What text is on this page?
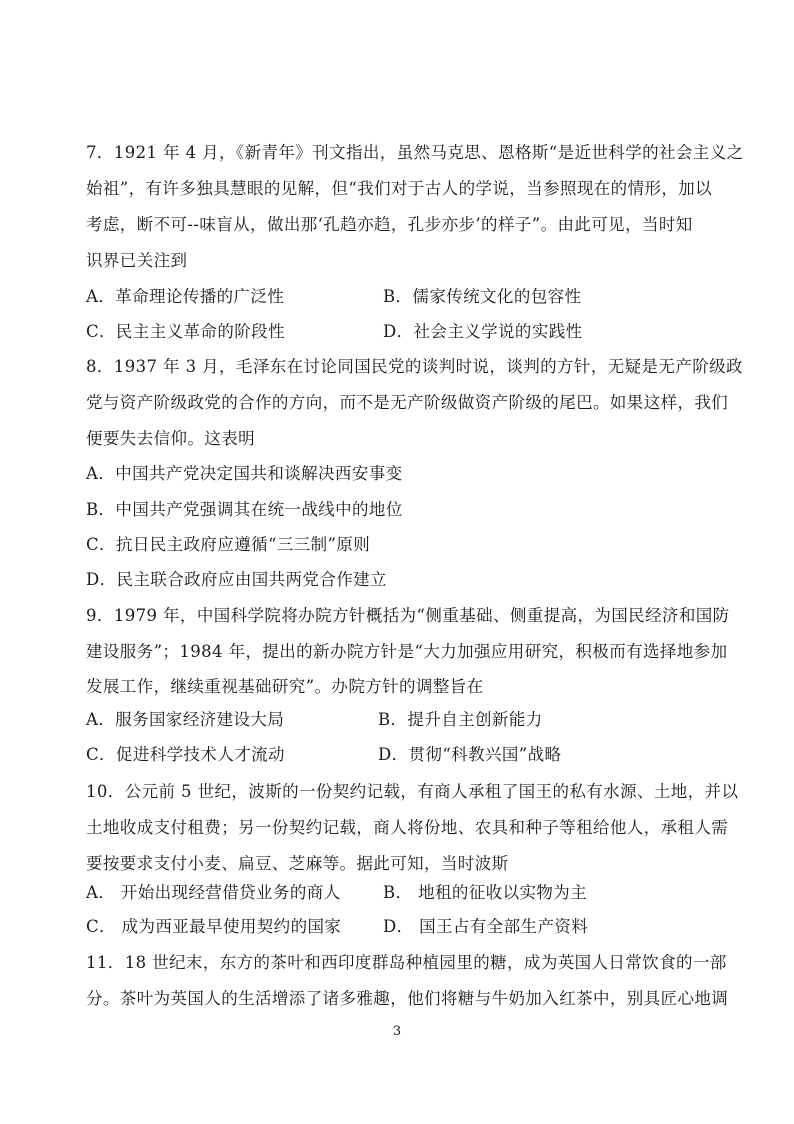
7．1921 年 4 月，《新青年》刊文指出，虽然马克思、恩格斯“是近世科学的社会主义之
始祖”，有许多独具慧眼的见解，但“我们对于古人的学说，当参照现在的情形，加以
考虑，断不可--味盲从，做出那‘孔趋亦趋，孔步亦步’的样子”。由此可见，当时知
识界已关注到
A．革命理论传播的广泛性	B．儒家传统文化的包容性
C．民主主义革命的阶段性	D．社会主义学说的实践性
8．1937 年 3 月，毛泽东在讨论同国民党的谈判时说，谈判的方针，无疑是无产阶级政
党与资产阶级政党的合作的方向，而不是无产阶级做资产阶级的尾巴。如果这样，我们
便要失去信仰。这表明
A．中国共产党决定国共和谈解决西安事变
B．中国共产党强调其在统一战线中的地位
C．抗日民主政府应遵循“三三制”原则
D．民主联合政府应由国共两党合作建立
9．1979 年，中国科学院将办院方针概括为“侧重基础、侧重提高，为国民经济和国防
建设服务”；1984 年，提出的新办院方针是“大力加强应用研究，积极而有选择地参加
发展工作，继续重视基础研究”。办院方针的调整旨在
A．服务国家经济建设大局	B．提升自主创新能力
C．促进科学技术人才流动	D．贯彻“科教兴国”战略
10．公元前 5 世纪，波斯的一份契约记载，有商人承租了国王的私有水源、土地，并以
土地收成支付租费；另一份契约记载，商人将份地、农具和种子等租给他人，承租人需
要按要求支付小麦、扁豆、芝麻等。据此可知，当时波斯
A． 开始出现经营借贷业务的商人	B． 地租的征收以实物为主
C． 成为西亚最早使用契约的国家	D． 国王占有全部生产资料
11．18 世纪末，东方的茶叶和西印度群岛种植园里的糖，成为英国人日常饮食的一部
分。茶叶为英国人的生活增添了诸多雅趣，他们将糖与牛奶加入红茶中，别具匠心地调
3
